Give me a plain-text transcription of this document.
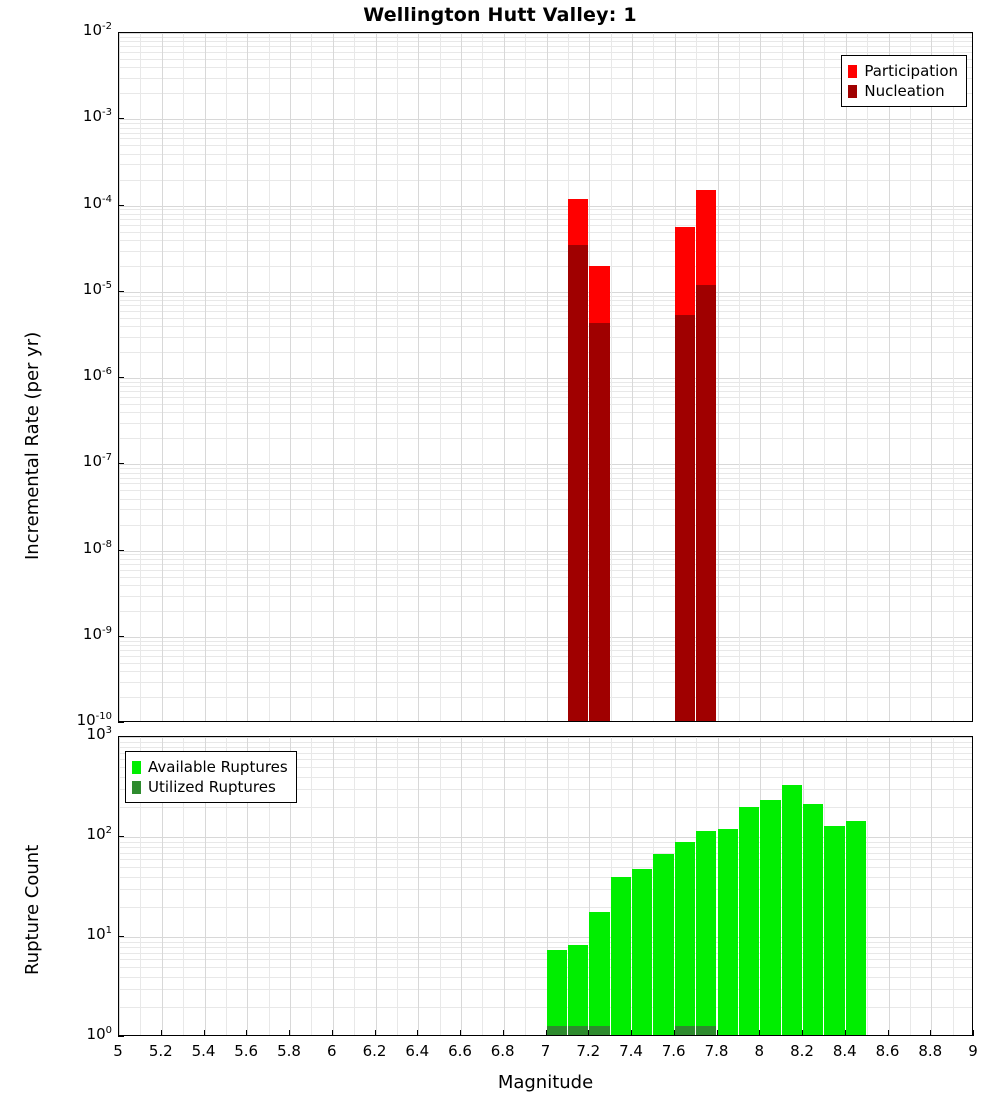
Wellington Hutt Valley: 1
Participation
Nucleation
$10^{-2}$
$10^{-3}$
$10^{-4}$
$10^{-5}$
$10^{-6}$
$10^{-7}$
$10^{-8}$
$10^{-9}$
$10^{-10}$
Incremental Rate (per yr)
Available Ruptures
Utilized Ruptures
$10^3$
$10^2$
$10^1$
$10^0$
5	5.2	5.4	5.6	5.8	6	6.2	6.4	6.6	6.8	7	7.2	7.4	7.6	7.8	8	8.2	8.4	8.6	8.8	9
Rupture Count
Magnitude
